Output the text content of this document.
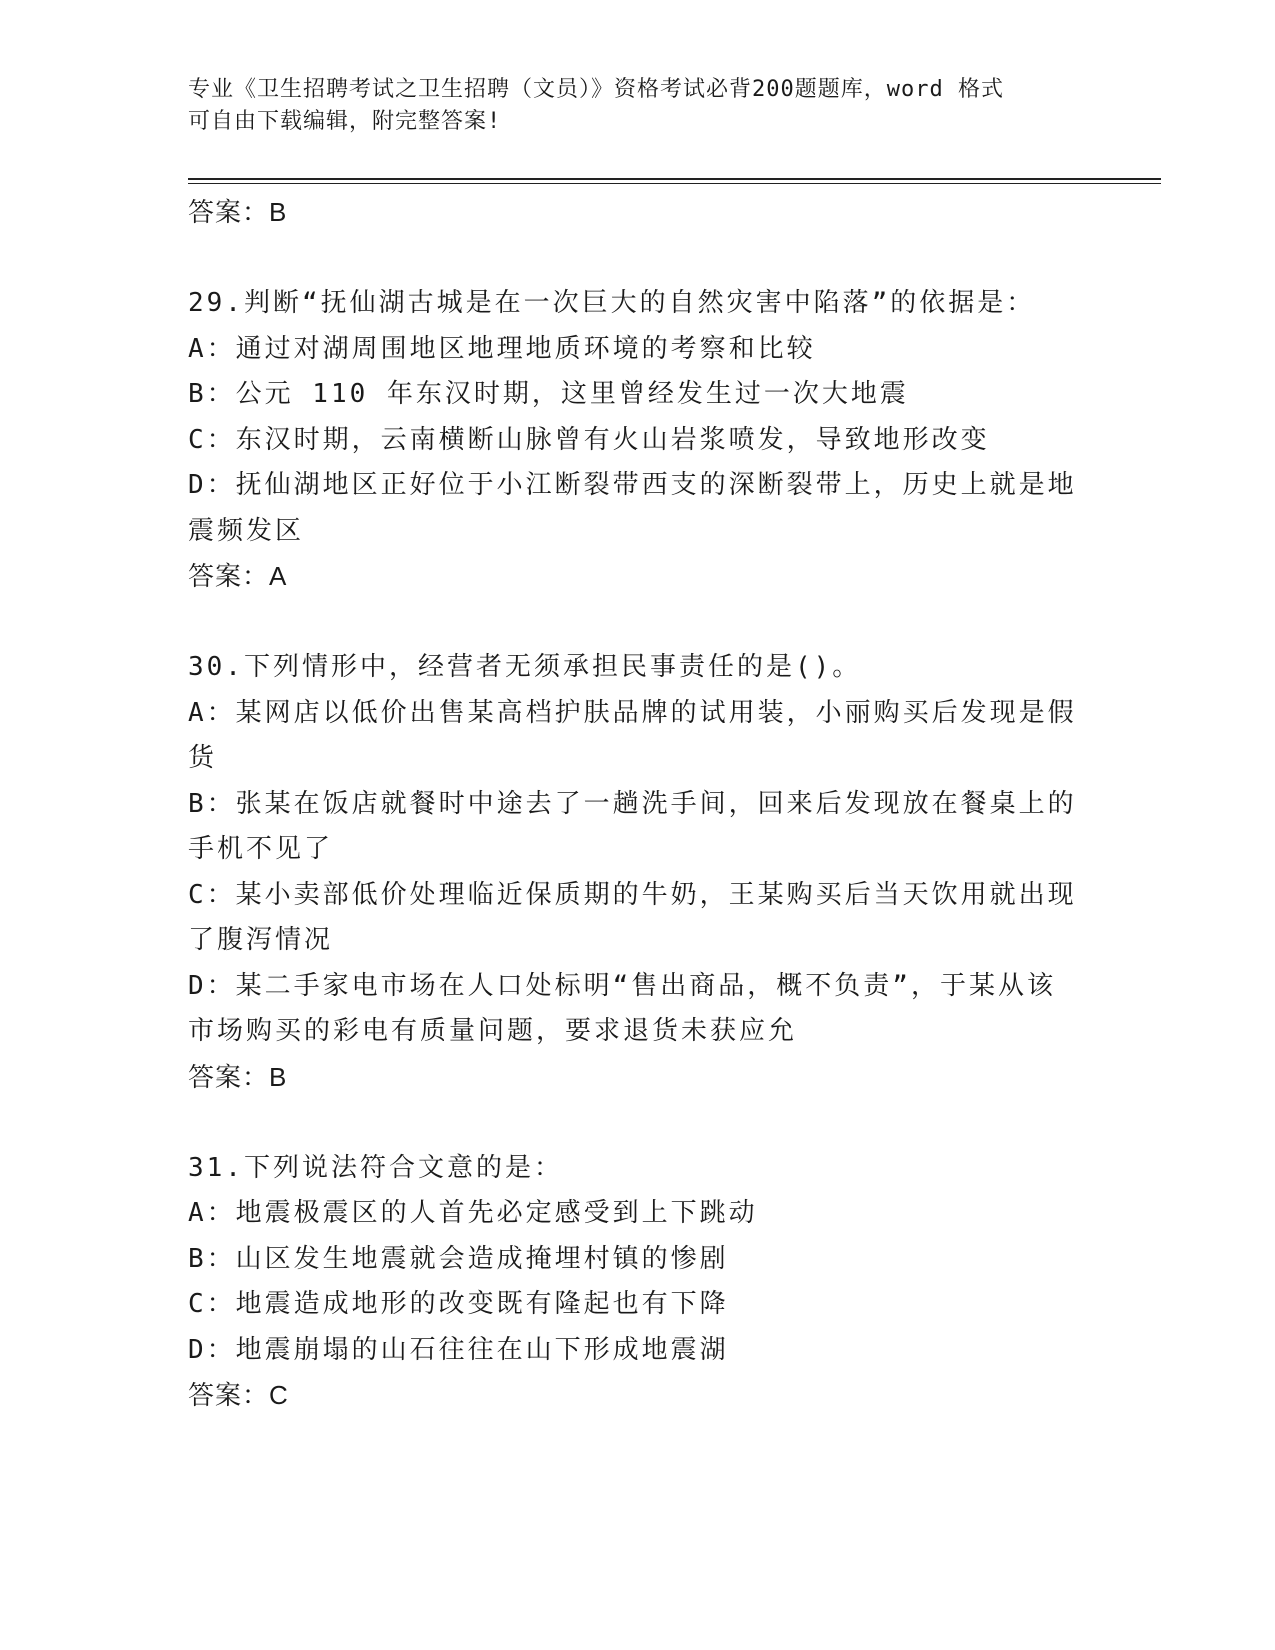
专业《卫生招聘考试之卫生招聘（文员）》资格考试必背200题题库，word 格式
可自由下载编辑，附完整答案!
答案：B
29.判断“抚仙湖古城是在一次巨大的自然灾害中陷落”的依据是：
A：通过对湖周围地区地理地质环境的考察和比较
B：公元 110 年东汉时期，这里曾经发生过一次大地震
C：东汉时期，云南横断山脉曾有火山岩浆喷发，导致地形改变
D：抚仙湖地区正好位于小江断裂带西支的深断裂带上，历史上就是地
震频发区
答案：A
30.下列情形中，经营者无须承担民事责任的是()。
A：某网店以低价出售某高档护肤品牌的试用装，小丽购买后发现是假
货
B：张某在饭店就餐时中途去了一趟洗手间，回来后发现放在餐桌上的
手机不见了
C：某小卖部低价处理临近保质期的牛奶，王某购买后当天饮用就出现
了腹泻情况
D：某二手家电市场在人口处标明“售出商品，概不负责”，于某从该
市场购买的彩电有质量问题，要求退货未获应允
答案：B
31.下列说法符合文意的是：
A：地震极震区的人首先必定感受到上下跳动
B：山区发生地震就会造成掩埋村镇的惨剧
C：地震造成地形的改变既有隆起也有下降
D：地震崩塌的山石往往在山下形成地震湖
答案：C
